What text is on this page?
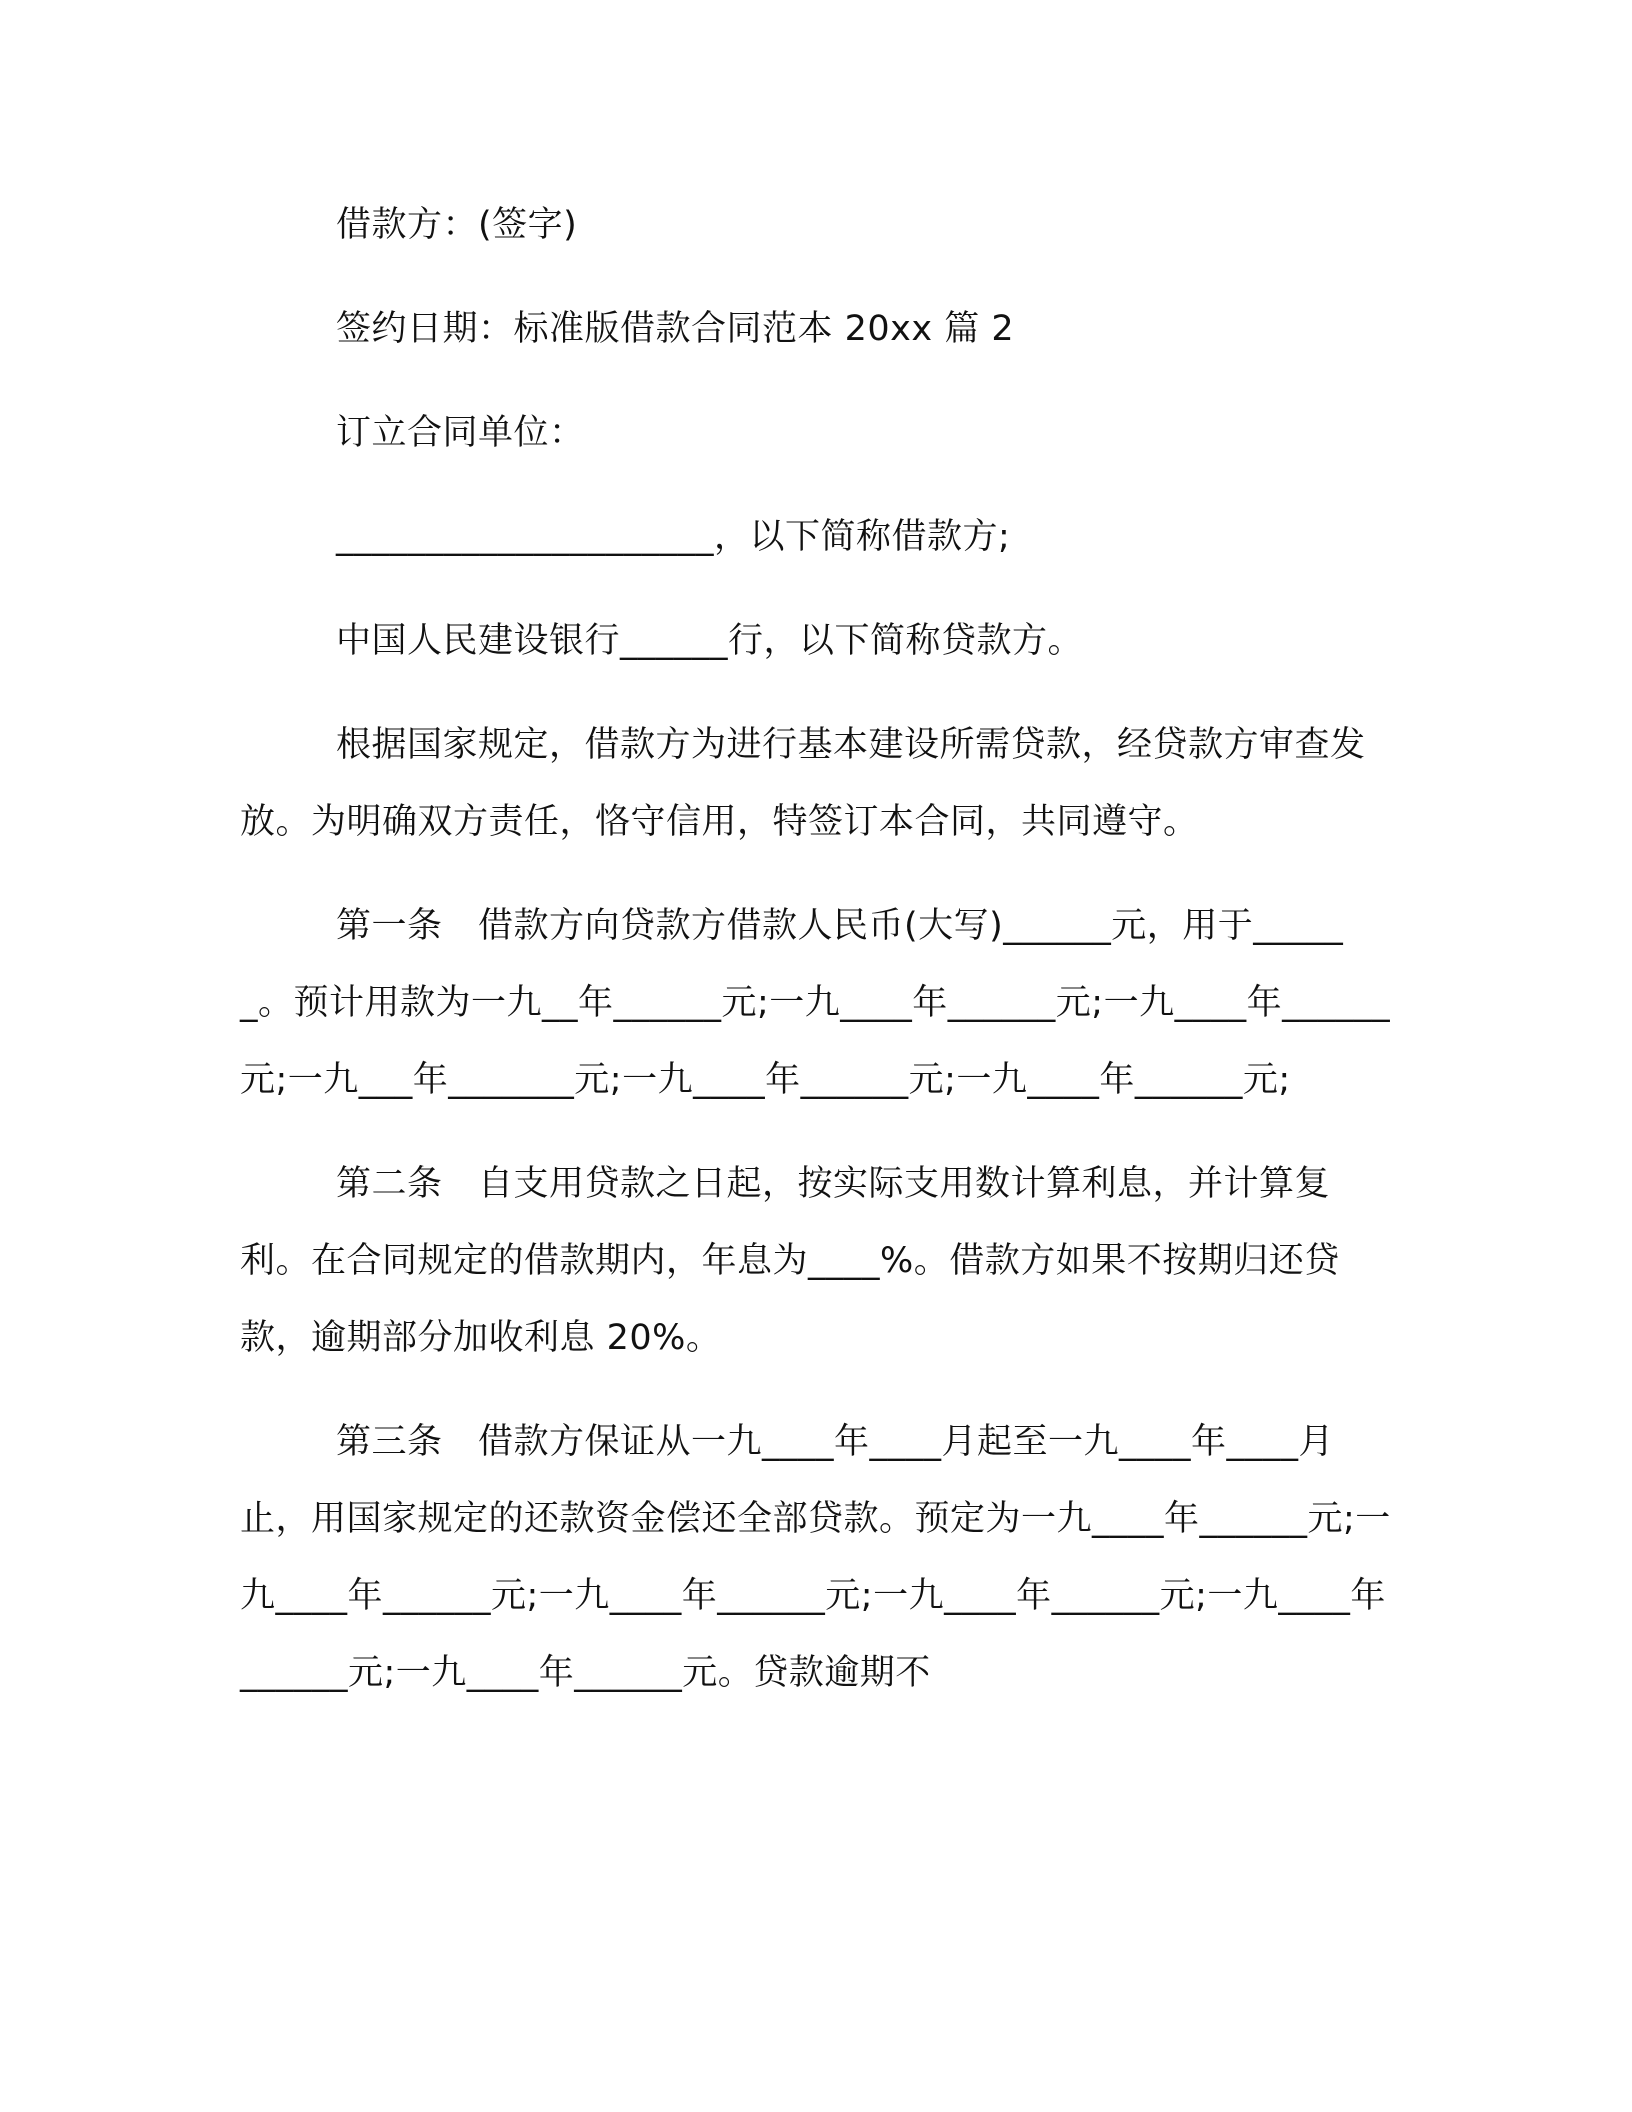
借款方：(签字)

签约日期：标准版借款合同范本 20xx 篇 2

订立合同单位：

_____________________，以下简称借款方;

中国人民建设银行______行，以下简称贷款方。

根据国家规定，借款方为进行基本建设所需贷款，经贷款方审查发放。为明确双方责任，恪守信用，特签订本合同，共同遵守。

第一条　借款方向贷款方借款人民币(大写)______元，用于______。预计用款为一九__年______元;一九____年______元;一九____年______元;一九___年_______元;一九____年______元;一九____年______元;

第二条　自支用贷款之日起，按实际支用数计算利息，并计算复利。在合同规定的借款期内，年息为____%。借款方如果不按期归还贷款，逾期部分加收利息 20%。

第三条　借款方保证从一九____年____月起至一九____年____月止，用国家规定的还款资金偿还全部贷款。预定为一九____年______元;一九____年______元;一九____年______元;一九____年______元;一九____年______元;一九____年______元。贷款逾期不
